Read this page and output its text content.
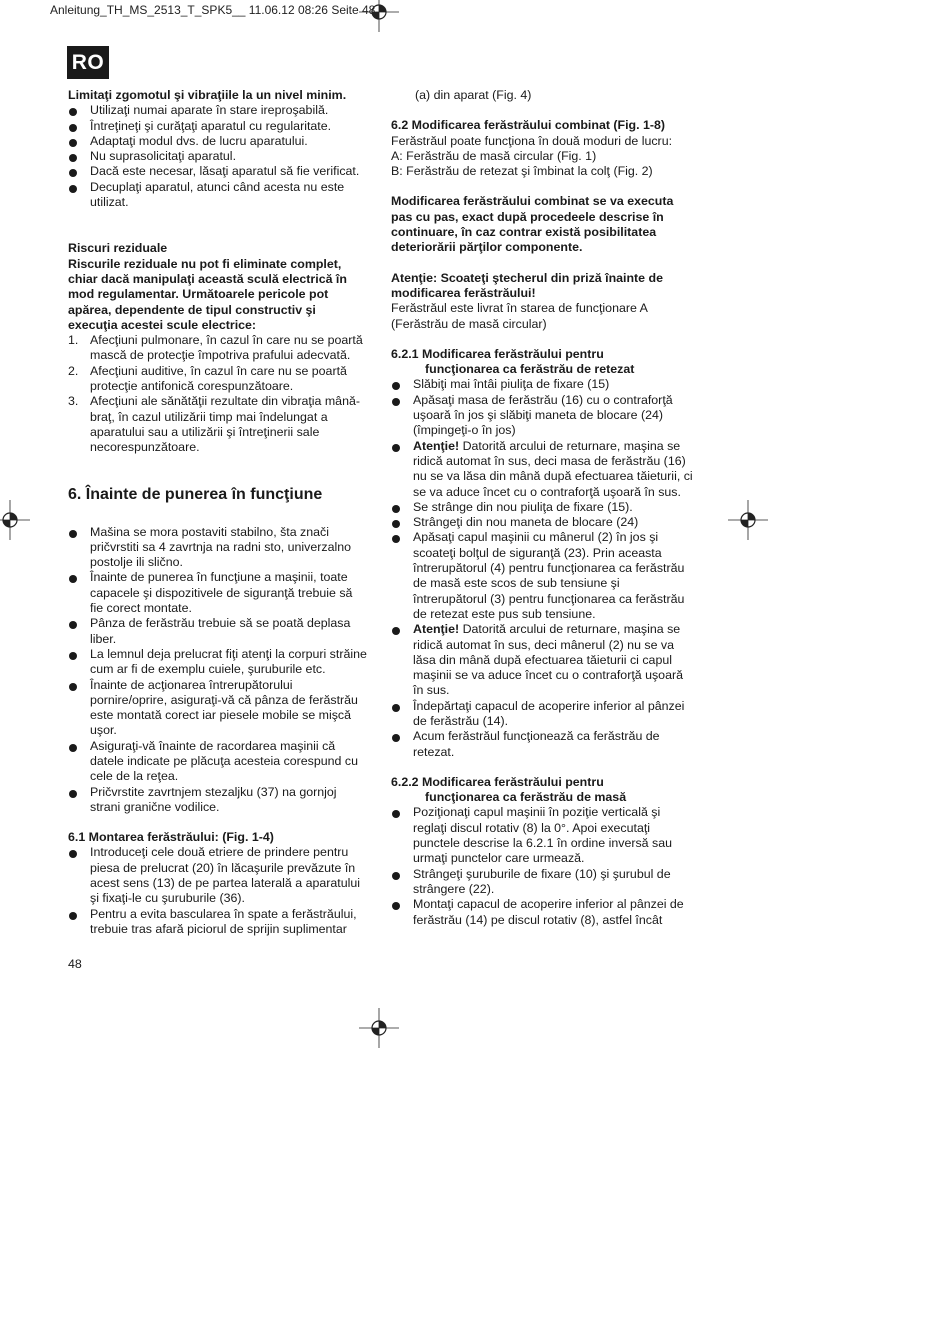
Anleitung_TH_MS_2513_T_SPK5__ 11.06.12 08:26 Seite 48
RO

Limitaţi zgomotul şi vibraţiile la un nivel minim.

Utilizaţi numai aparate în stare ireproşabilă.
Întreţineţi şi curăţaţi aparatul cu regularitate.
Adaptaţi modul dvs. de lucru aparatului.
Nu suprasolicitaţi aparatul.
Dacă este necesar, lăsaţi aparatul să fie verificat.
Decuplaţi aparatul, atunci când acesta nu este utilizat.

Riscuri reziduale

Riscurile reziduale nu pot fi eliminate complet, chiar dacă manipulaţi această sculă electrică în mod regulamentar. Următoarele pericole pot apărea, dependente de tipul constructiv şi execuţia acestei scule electrice:

1. Afecţiuni pulmonare, în cazul în care nu se poartă mască de protecţie împotriva prafului adecvată.
2. Afecţiuni auditive, în cazul în care nu se poartă protecţie antifonică corespunzătoare.
3. Afecţiuni ale sănătăţii rezultate din vibraţia mână-braţ, în cazul utilizării timp mai îndelungat a aparatului sau a utilizării şi întreţinerii sale necorespunzătoare.

6. Înainte de punerea în funcţiune

Mašina se mora postaviti stabilno, šta znači pričvrstiti sa 4 zavrtnja na radni sto, univerzalno postolje ili slično.
Înainte de punerea în funcţiune a maşinii, toate capacele şi dispozitivele de siguranţă trebuie să fie corect montate.
Pânza de ferăstrău trebuie să se poată deplasa liber.
La lemnul deja prelucrat fiţi atenţi la corpuri străine cum ar fi de exemplu cuiele, şuruburile etc.
Înainte de acţionarea întrerupătorului pornire/oprire, asiguraţi-vă că pânza de ferăstrău este montată corect iar piesele mobile se mişcă uşor.
Asiguraţi-vă înainte de racordarea maşinii că datele indicate pe plăcuţa acesteia corespund cu cele de la reţea.
Pričvrstite zavrtnjem stezaljku (37) na gornjoj strani graničnе vodilice.

6.1 Montarea ferăstrăului: (Fig. 1-4)

Introduceţi cele două etriere de prindere pentru piesa de prelucrat (20) în lăcaşurile prevăzute în acest sens (13) de pe partea laterală a aparatului şi fixaţi-le cu şuruburile (36).
Pentru a evita bascularea în spate a ferăstrăului, trebuie tras afară piciorul de sprijin suplimentar

(a) din aparat (Fig. 4)

6.2 Modificarea ferăstrăului combinat (Fig. 1-8)

Ferăstrăul poate funcţiona în două moduri de lucru:

A: Ferăstrău de masă circular (Fig. 1)

B: Ferăstrău de retezat şi îmbinat la colţ (Fig. 2)

Modificarea ferăstrăului combinat se va executa pas cu pas, exact după procedeele descrise în continuare, în caz contrar există posibilitatea deteriorării părţilor componente.

Atenţie: Scoateţi ştecherul din priză înainte de modificarea ferăstrăului!

Ferăstrăul este livrat în starea de funcţionare A (Ferăstrău de masă circular)

6.2.1 Modificarea ferăstrăului pentru

funcţionarea ca ferăstrău de retezat

Slăbiţi mai întâi piuliţa de fixare (15)
Apăsaţi masa de ferăstrău (16) cu o contraforţă uşoară în jos şi slăbiţi maneta de blocare (24) (împingeţi-o în jos)
Atenţie! Datorită arcului de returnare, maşina se ridică automat în sus, deci masa de ferăstrău (16) nu se va lăsa din mână după efectuarea tăieturii, ci se va aduce încet cu o contraforţă uşoară în sus.
Se strânge din nou piuliţa de fixare (15).
Strângeţi din nou maneta de blocare (24)
Apăsaţi capul maşinii cu mânerul (2) în jos şi scoateţi bolţul de siguranţă (23). Prin aceasta întrerupătorul (4) pentru funcţionarea ca ferăstrău de masă este scos de sub tensiune şi întrerupătorul (3) pentru funcţionarea ca ferăstrău de retezat este pus sub tensiune.
Atenţie! Datorită arcului de returnare, maşina se ridică automat în sus, deci mânerul (2) nu se va lăsa din mână după efectuarea tăieturii ci capul maşinii se va aduce încet cu o contraforţă uşoară în sus.
Îndepărtaţi capacul de acoperire inferior al pânzei de ferăstrău (14).
Acum ferăstrăul funcţionează ca ferăstrău de retezat.

6.2.2 Modificarea ferăstrăului pentru

funcţionarea ca ferăstrău de masă

Poziţionaţi capul maşinii în poziţie verticală şi reglaţi discul rotativ (8) la 0°. Apoi executaţi punctele descrise la 6.2.1 în ordine inversă sau urmaţi punctelor care urmează.
Strângeţi şuruburile de fixare (10) şi şurubul de strângere (22).
Montaţi capacul de acoperire inferior al pânzei de ferăstrău (14) pe discul rotativ (8), astfel încât
48
